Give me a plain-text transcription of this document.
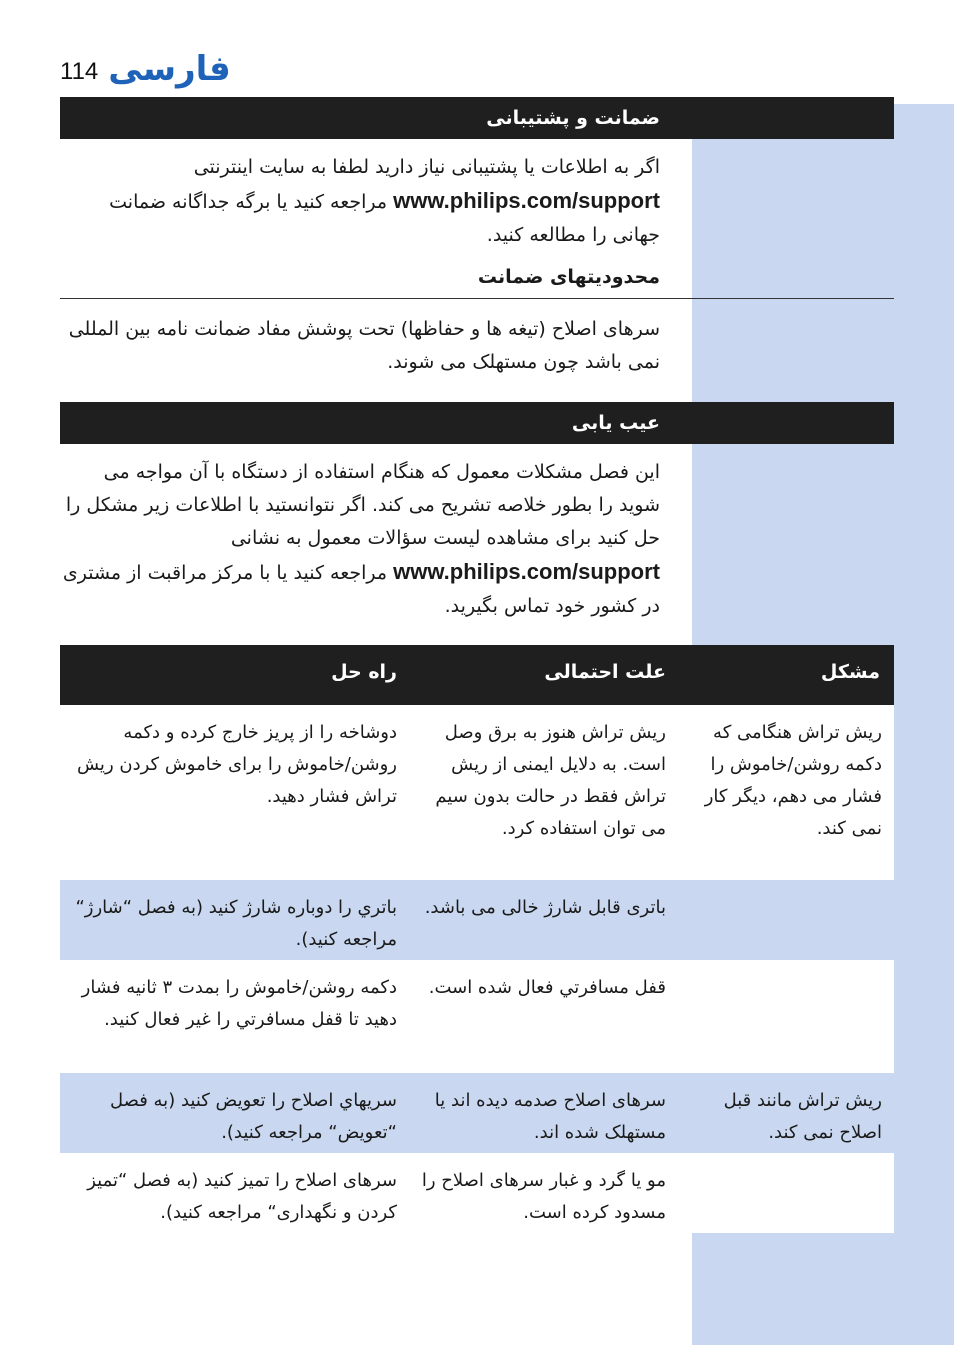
114 فارسی
ضمانت و پشتیبانی
اگر به اطلاعات یا پشتیبانی نیاز دارید لطفا به سایت اینترنتی www.philips.com/support مراجعه کنید یا برگه جداگانه ضمانت جهانی را مطالعه کنید.
محدودیتهای ضمانت
سرهای اصلاح (تیغه ها و حفاظها) تحت پوشش مفاد ضمانت نامه بین المللی نمی باشد چون مستهلک می شوند.
عیب یابی
این فصل مشکلات معمول که هنگام استفاده از دستگاه با آن مواجه می شوید را بطور خلاصه تشریح می کند. اگر نتوانستید با اطلاعات زیر مشکل را حل کنید برای مشاهده لیست سؤالات معمول به نشانی www.philips.com/support مراجعه کنید یا با مرکز مراقبت از مشتری در کشور خود تماس بگیرید.
مشکل
علت احتمالی
راه حل
ریش تراش هنگامی که دکمه روشن/خاموش را فشار می دهم، دیگر کار نمی کند.
ریش تراش هنوز به برق وصل است. به دلایل ایمنی از ریش تراش فقط در حالت بدون سیم می توان استفاده کرد.
دوشاخه را از پریز خارج کرده و دکمه روشن/خاموش را برای خاموش کردن ریش تراش فشار دهید.
باتری قابل شارژ خالی می باشد.
باتري را دوباره شارژ کنید (به فصل “شارژ“ مراجعه کنید).
قفل مسافرتي فعال شده است.
دکمه روشن/خاموش را بمدت ۳ ثانیه فشار دهید تا قفل مسافرتي را غیر فعال کنید.
ریش تراش مانند قبل اصلاح نمی کند.
سرهای اصلاح صدمه دیده اند یا مستهلک شده اند.
سریهاي اصلاح را تعویض کنید (به فصل “تعویض“ مراجعه کنید).
مو یا گرد و غبار سرهای اصلاح را مسدود کرده است.
سرهای اصلاح را تمیز کنید (به فصل “تمیز کردن و نگهداری“ مراجعه کنید).
